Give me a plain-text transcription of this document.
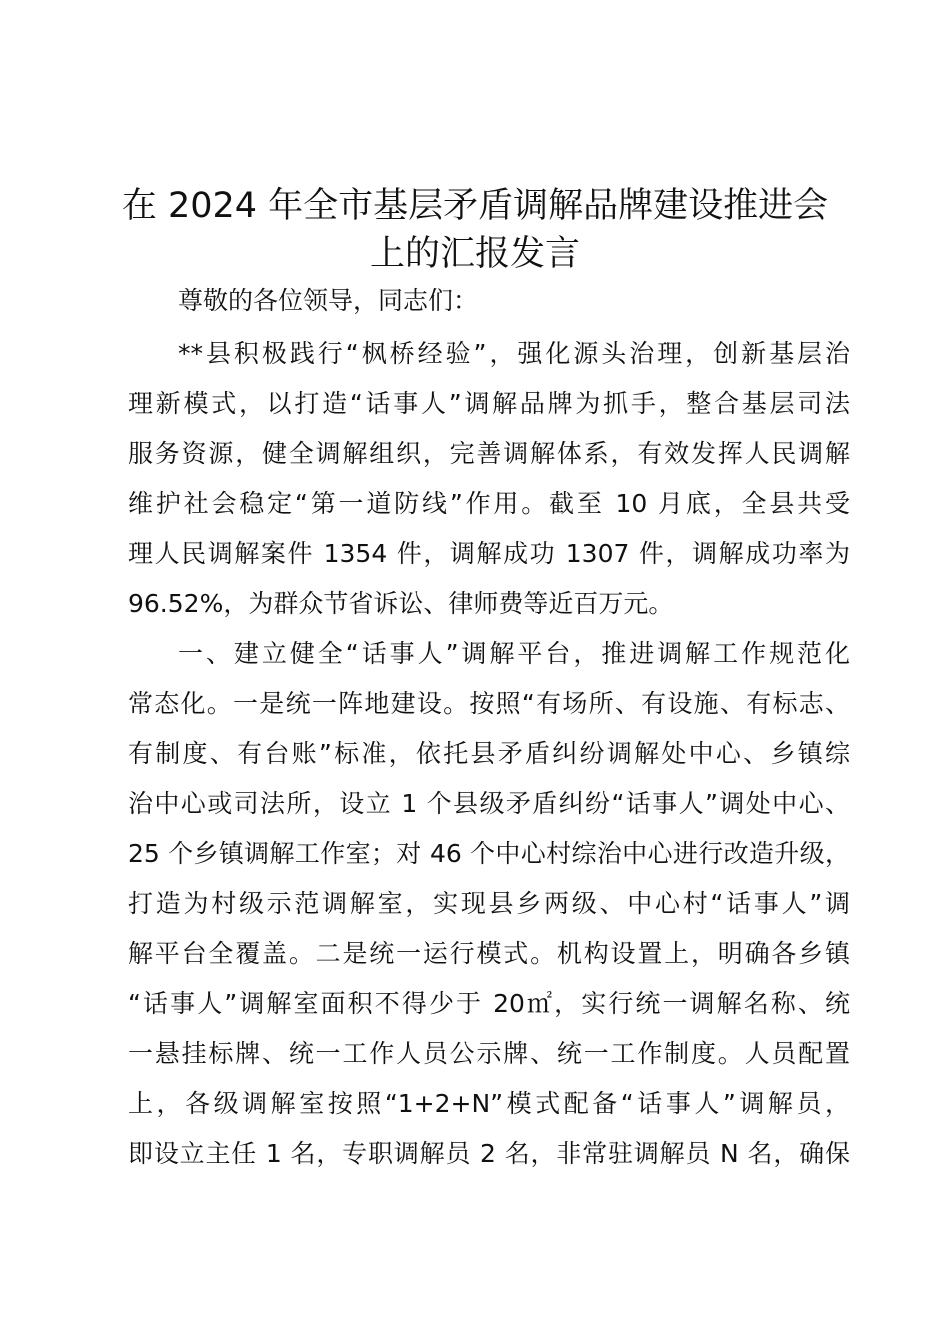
在 2024 年全市基层矛盾调解品牌建设推进会
上的汇报发言

尊敬的各位领导，同志们：

**县积极践行“枫桥经验”，强化源头治理，创新基层治

理新模式，以打造“话事人”调解品牌为抓手，整合基层司法

服务资源，健全调解组织，完善调解体系，有效发挥人民调解

维护社会稳定“第一道防线”作用。截至 10 月底，全县共受

理人民调解案件 1354 件，调解成功 1307 件，调解成功率为

96.52%，为群众节省诉讼、律师费等近百万元。

一、建立健全“话事人”调解平台，推进调解工作规范化

常态化。一是统一阵地建设。按照“有场所、有设施、有标志、

有制度、有台账”标准，依托县矛盾纠纷调解处中心、乡镇综

治中心或司法所，设立 1 个县级矛盾纠纷“话事人”调处中心、

25 个乡镇调解工作室；对 46 个中心村综治中心进行改造升级，

打造为村级示范调解室，实现县乡两级、中心村“话事人”调

解平台全覆盖。二是统一运行模式。机构设置上，明确各乡镇

“话事人”调解室面积不得少于 20㎡，实行统一调解名称、统

一悬挂标牌、统一工作人员公示牌、统一工作制度。人员配置

上，各级调解室按照“1+2+N”模式配备“话事人”调解员，

即设立主任 1 名，专职调解员 2 名，非常驻调解员 N 名，确保
